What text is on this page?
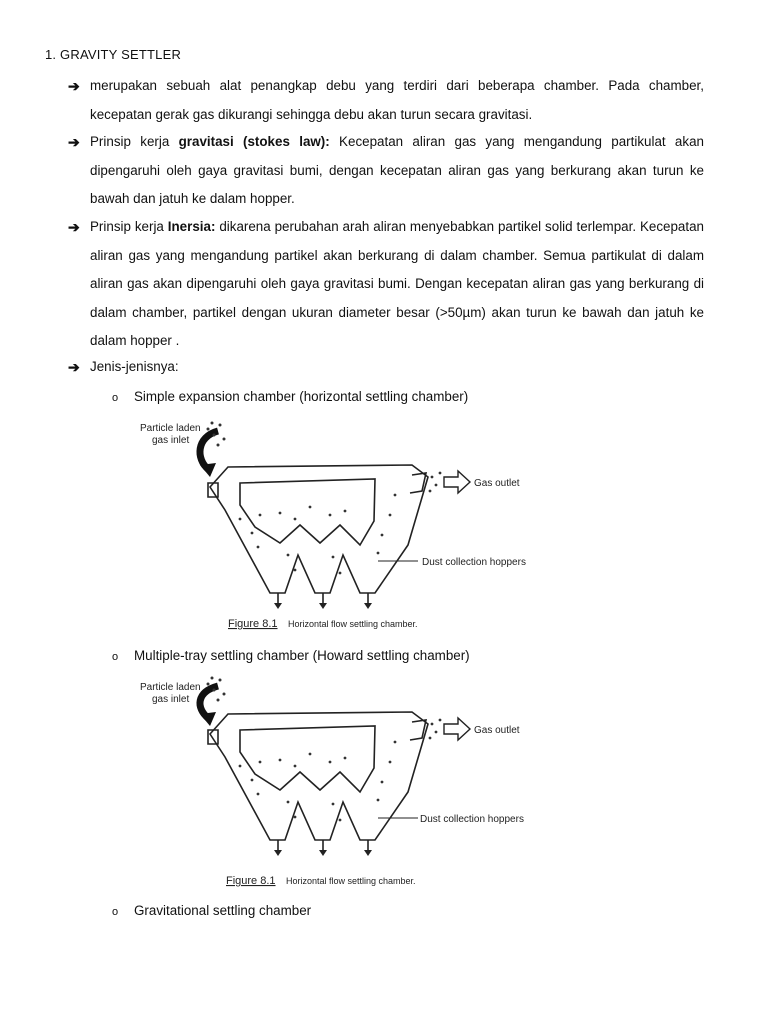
1. GRAVITY SETTLER
➔ merupakan sebuah alat penangkap debu yang terdiri dari beberapa chamber. Pada chamber, kecepatan gerak gas dikurangi sehingga debu akan turun secara gravitasi.
➔ Prinsip kerja gravitasi (stokes law): Kecepatan aliran gas yang mengandung partikulat akan dipengaruhi oleh gaya gravitasi bumi, dengan kecepatan aliran gas yang berkurang akan turun ke bawah dan jatuh ke dalam hopper.
➔ Prinsip kerja Inersia: dikarena perubahan arah aliran menyebabkan partikel solid terlempar. Kecepatan aliran gas yang mengandung partikel akan berkurang di dalam chamber. Semua partikulat di dalam aliran gas akan dipengaruhi oleh gaya gravitasi bumi. Dengan kecepatan aliran gas yang berkurang di dalam chamber, partikel dengan ukuran diameter besar (>50µm) akan turun ke bawah dan jatuh ke dalam hopper .
➔ Jenis-jenisnya:
o Simple expansion chamber (horizontal settling chamber)
Particle laden
gas inlet
Gas outlet
Dust collection hoppers
Figure 8.1 Horizontal flow settling chamber.
o Multiple-tray settling chamber (Howard settling chamber)
Particle laden
gas inlet
Gas outlet
Dust collection hoppers
Figure 8.1 Horizontal flow settling chamber.
o Gravitational settling chamber
